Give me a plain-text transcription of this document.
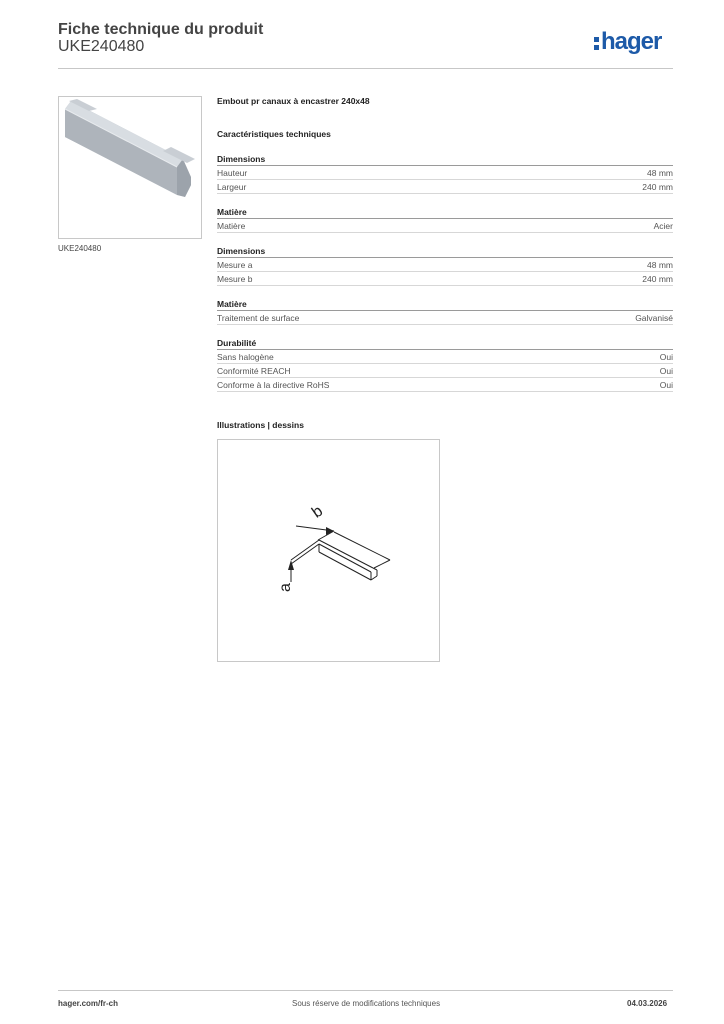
Fiche technique du produit
UKE240480	hager
UKE240480
Embout pr canaux à encastrer 240x48
Caractéristiques techniques
Dimensions
Hauteur	48 mm
Largeur	240 mm
Matière
Matière	Acier
Dimensions
Mesure a	48 mm
Mesure b	240 mm
Matière
Traitement de surface	Galvanisé
Durabilité
Sans halogène	Oui
Conformité REACH	Oui
Conforme à la directive RoHS	Oui
Illustrations | dessins
a
b
hager.com/fr-ch	Sous réserve de modifications techniques	04.03.2026
